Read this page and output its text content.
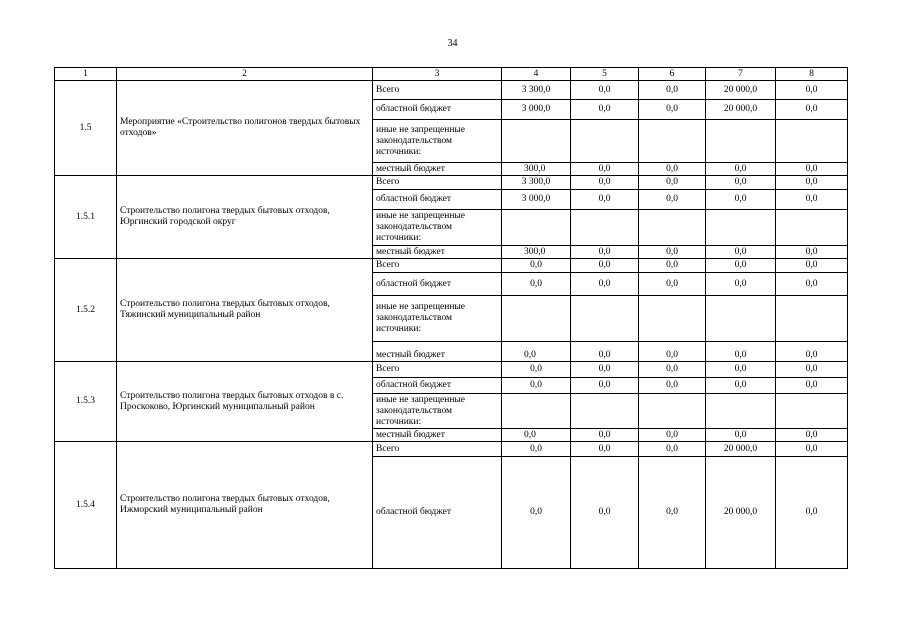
34
1	2	3	4	5	6	7	8
1.5	Мероприятие «Строительство полигонов твердых бытовых отходов»	Всего	3 300,0	0,0	0,0	20 000,0	0,0
		областной бюджет	3 000,0	0,0	0,0	20 000,0	0,0
		иные не запрещенные законодательством источники:					
		местный бюджет	300,0	0,0	0,0	0,0	0,0
1.5.1	Строительство полигона твердых бытовых отходов, Юргинский городской округ	Всего	3 300,0	0,0	0,0	0,0	0,0
		областной бюджет	3 000,0	0,0	0,0	0,0	0,0
		иные не запрещенные законодательством источники:					
		местный бюджет	300,0	0,0	0,0	0,0	0,0
1.5.2	Строительство полигона твердых бытовых отходов, Тяжинский муниципальный район	Всего	0,0	0,0	0,0	0,0	0,0
		областной бюджет	0,0	0,0	0,0	0,0	0,0
		иные не запрещенные законодательством источники:					
		местный бюджет	0,0	0,0	0,0	0,0	0,0
1.5.3	Строительство полигона твердых бытовых отходов в с. Проскоково, Юргинский муниципальный район	Всего	0,0	0,0	0,0	0,0	0,0
		областной бюджет	0,0	0,0	0,0	0,0	0,0
		иные не запрещенные законодательством источники:					
		местный бюджет	0,0	0,0	0,0	0,0	0,0
1.5.4	Строительство полигона твердых бытовых отходов, Ижморский муниципальный район	Всего	0,0	0,0	0,0	20 000,0	0,0
		областной бюджет	0,0	0,0	0,0	20 000,0	0,0
